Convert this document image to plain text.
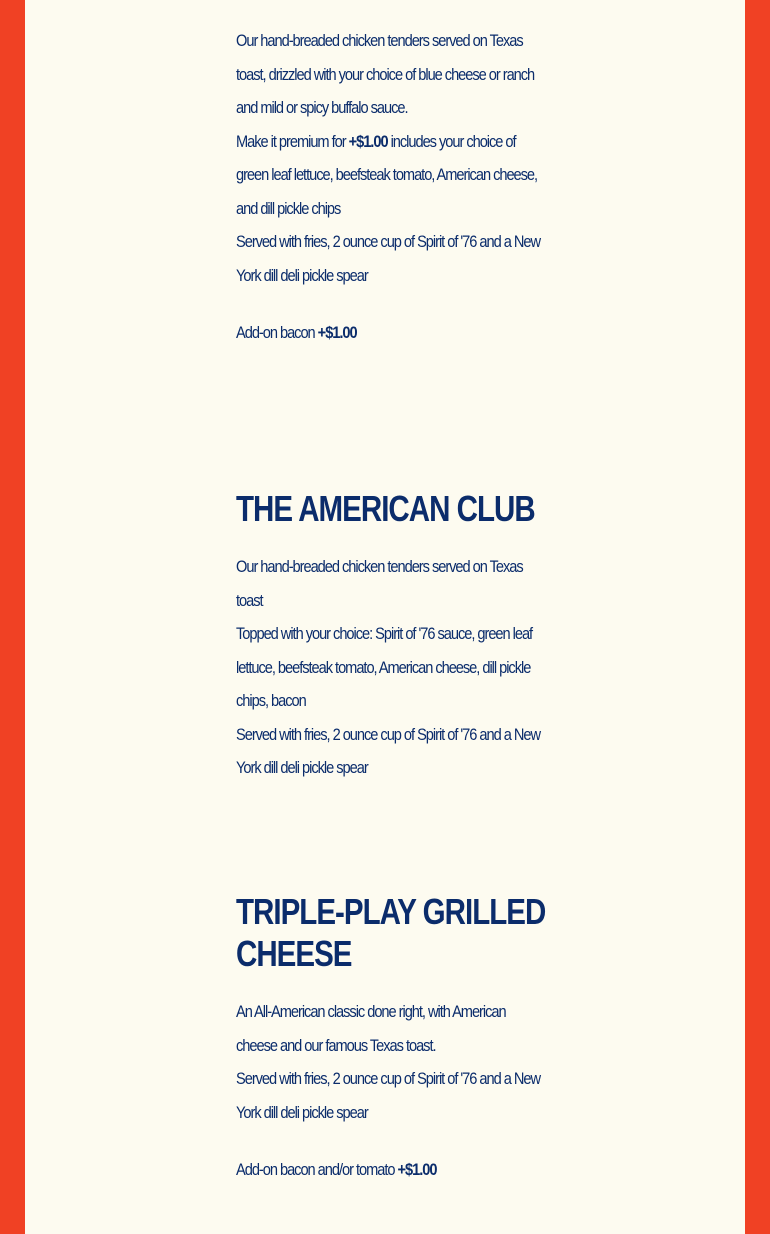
Our hand-breaded chicken tenders served on Texas toast, drizzled with your choice of blue cheese or ranch and mild or spicy buffalo sauce.

Make it premium for +$1.00 includes your choice of green leaf lettuce, beefsteak tomato, American cheese, and dill pickle chips

Served with fries, 2 ounce cup of Spirit of '76 and a New York dill deli pickle spear

Add-on bacon +$1.00

THE AMERICAN CLUB

Our hand-breaded chicken tenders served on Texas toast

Topped with your choice: Spirit of '76 sauce, green leaf lettuce, beefsteak tomato, American cheese, dill pickle chips, bacon

Served with fries, 2 ounce cup of Spirit of '76 and a New York dill deli pickle spear

TRIPLE-PLAY GRILLED
CHEESE

An All-American classic done right, with American cheese and our famous Texas toast.

Served with fries, 2 ounce cup of Spirit of '76 and a New York dill deli pickle spear

Add-on bacon and/or tomato +$1.00
